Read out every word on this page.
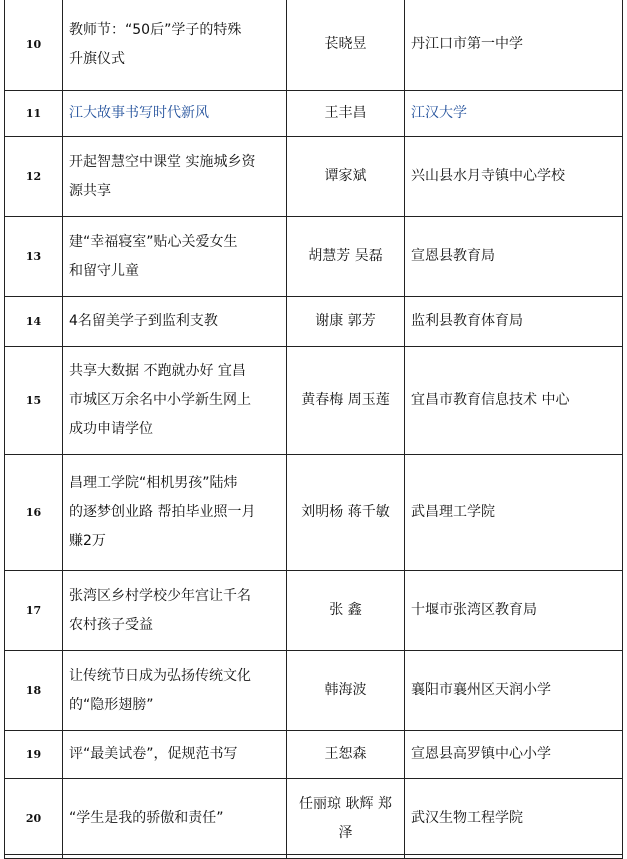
10	教师节：“50后”学子的特殊
升旗仪式	苌晓昱	丹江口市第一中学
11	江大故事书写时代新风	王丰昌	江汉大学
12	开起智慧空中课堂 实施城乡资
源共享	谭家斌	兴山县水月寺镇中心学校
13	建“幸福寝室”贴心关爱女生
和留守儿童	胡慧芳 吴磊	宣恩县教育局
14	4名留美学子到监利支教	谢康 郭芳	监利县教育体育局
15	共享大数据 不跑就办好 宜昌
市城区万余名中小学新生网上
成功申请学位	黄春梅 周玉莲	宜昌市教育信息技术 中心
16	昌理工学院“相机男孩”陆炜
的逐梦创业路 帮拍毕业照一月
赚2万	刘明杨 蒋千敏	武昌理工学院
17	张湾区乡村学校少年宫让千名
农村孩子受益	张 鑫	十堰市张湾区教育局
18	让传统节日成为弘扬传统文化
的“隐形翅膀”	韩海波	襄阳市襄州区天润小学
19	评“最美试卷”，促规范书写	王恕森	宣恩县高罗镇中心小学
20	“学生是我的骄傲和责任”	任丽琼 耿辉 郑
泽	武汉生物工程学院
